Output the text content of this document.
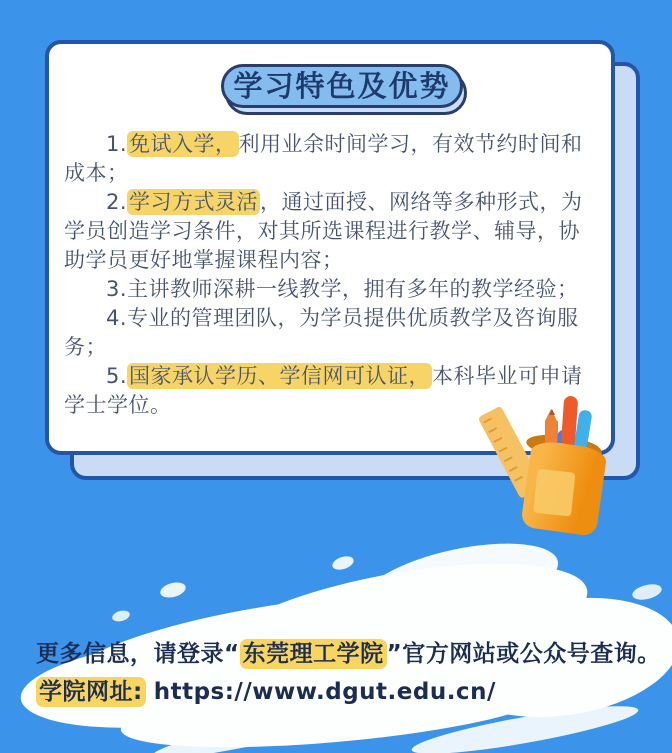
学习特色及优势

1.免试入学，利用业余时间学习，有效节约时间和成本；

2.学习方式灵活，通过面授、网络等多种形式，为学员创造学习条件，对其所选课程进行教学、辅导，协助学员更好地掌握课程内容；

3.主讲教师深耕一线教学，拥有多年的教学经验；

4.专业的管理团队，为学员提供优质教学及咨询服务；

5.国家承认学历、学信网可认证，本科毕业可申请学士学位。

更多信息，请登录“ 东莞理工学院 ”官方网站或公众号查询。

学院网址: https://www.dgut.edu.cn/
